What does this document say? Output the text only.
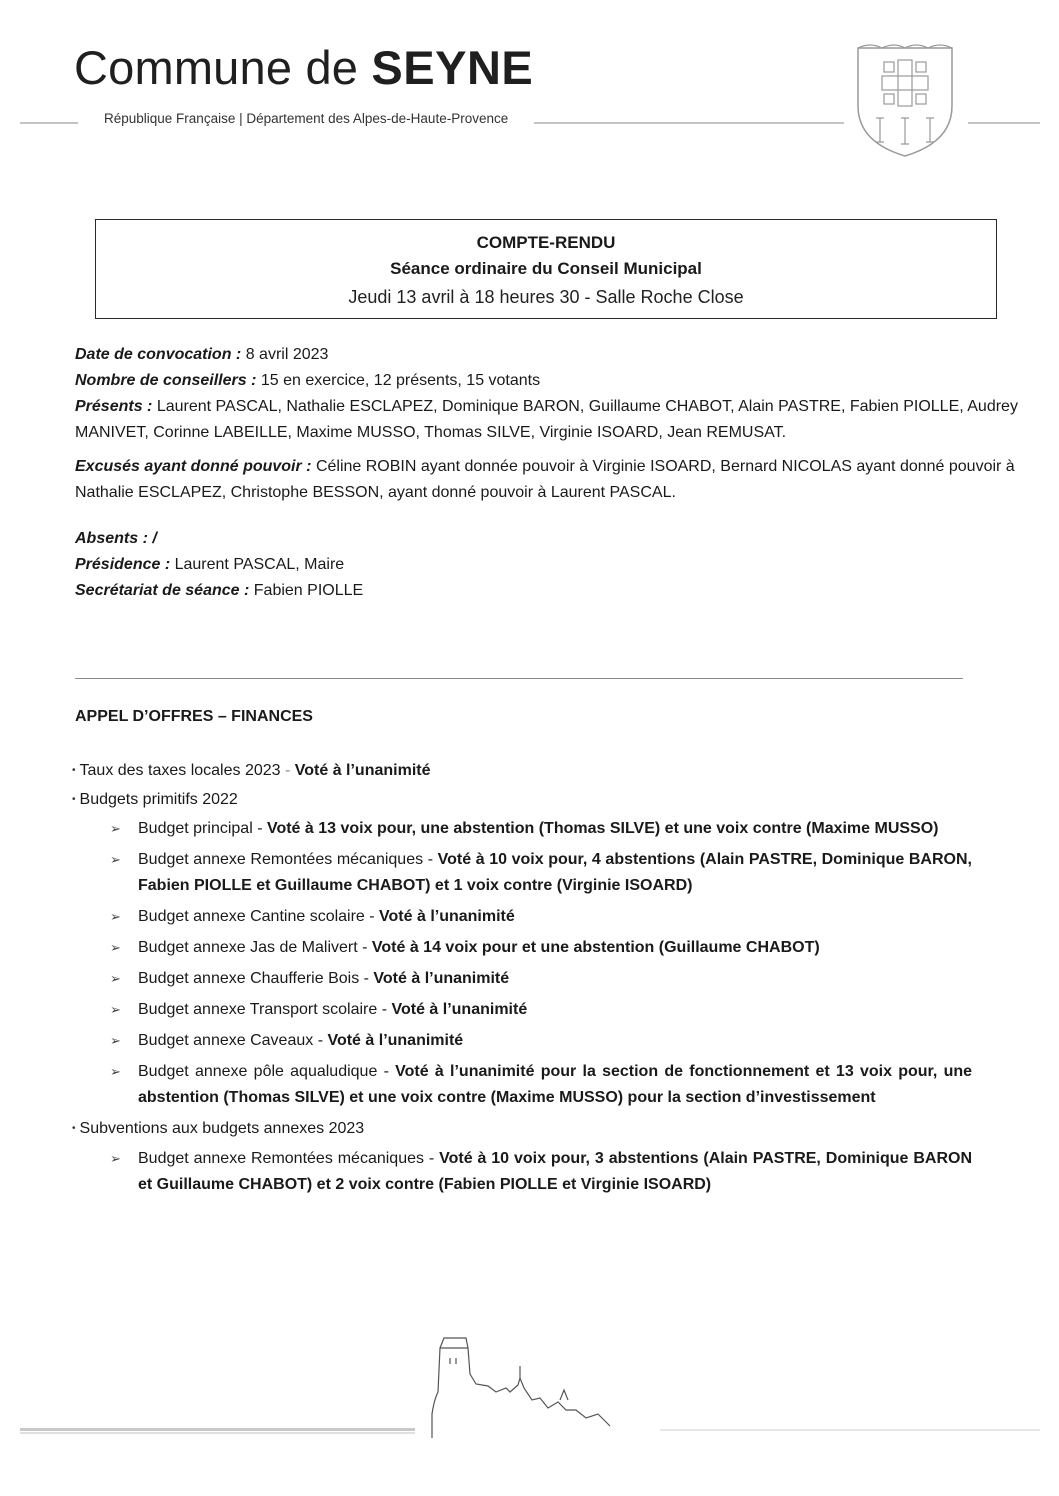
Commune de SEYNE
République Française | Département des Alpes-de-Haute-Provence
COMPTE-RENDU
Séance ordinaire du Conseil Municipal
Jeudi 13 avril à 18 heures 30 - Salle Roche Close

Date de convocation : 8 avril 2023

Nombre de conseillers : 15 en exercice, 12 présents, 15 votants

Présents : Laurent PASCAL, Nathalie ESCLAPEZ, Dominique BARON, Guillaume CHABOT, Alain PASTRE, Fabien PIOLLE, Audrey MANIVET, Corinne LABEILLE, Maxime MUSSO, Thomas SILVE, Virginie ISOARD, Jean REMUSAT.

Excusés ayant donné pouvoir : Céline ROBIN ayant donnée pouvoir à Virginie ISOARD, Bernard NICOLAS ayant donné pouvoir à Nathalie ESCLAPEZ, Christophe BESSON, ayant donné pouvoir à Laurent PASCAL.

Absents : /

Présidence : Laurent PASCAL, Maire

Secrétariat de séance : Fabien PIOLLE

APPEL D’OFFRES – FINANCES

• Taux des taxes locales 2023 - Voté à l’unanimité

• Budgets primitifs 2022

➢ Budget principal - Voté à 13 voix pour, une abstention (Thomas SILVE) et une voix contre (Maxime MUSSO)

➢ Budget annexe Remontées mécaniques - Voté à 10 voix pour, 4 abstentions (Alain PASTRE, Dominique BARON, Fabien PIOLLE et Guillaume CHABOT) et 1 voix contre (Virginie ISOARD)

➢ Budget annexe Cantine scolaire - Voté à l’unanimité

➢ Budget annexe Jas de Malivert - Voté à 14 voix pour et une abstention (Guillaume CHABOT)

➢ Budget annexe Chaufferie Bois - Voté à l’unanimité

➢ Budget annexe Transport scolaire - Voté à l’unanimité

➢ Budget annexe Caveaux - Voté à l’unanimité

➢ Budget annexe pôle aqualudique - Voté à l’unanimité pour la section de fonctionnement et 13 voix pour, une abstention (Thomas SILVE) et une voix contre (Maxime MUSSO) pour la section d’investissement

• Subventions aux budgets annexes 2023

➢ Budget annexe Remontées mécaniques - Voté à 10 voix pour, 3 abstentions (Alain PASTRE, Dominique BARON et Guillaume CHABOT) et 2 voix contre (Fabien PIOLLE et Virginie ISOARD)
